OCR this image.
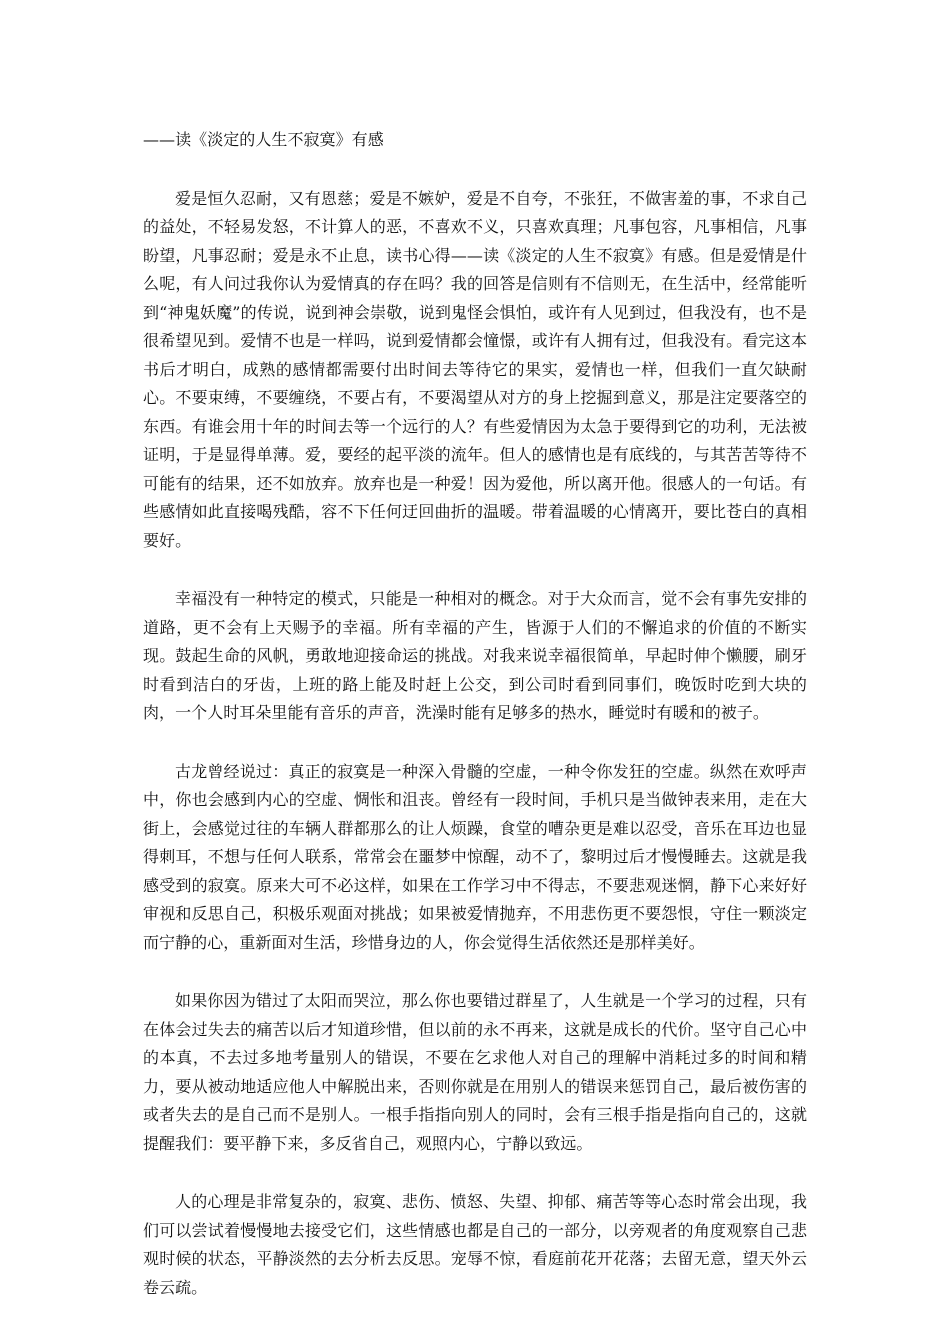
——读《淡定的人生不寂寞》有感

爱是恒久忍耐，又有恩慈；爱是不嫉妒，爱是不自夸，不张狂，不做害羞的事，不求自己的益处，不轻易发怒，不计算人的恶，不喜欢不义，只喜欢真理；凡事包容，凡事相信，凡事盼望，凡事忍耐；爱是永不止息，读书心得——读《淡定的人生不寂寞》有感。但是爱情是什么呢，有人问过我你认为爱情真的存在吗？我的回答是信则有不信则无，在生活中，经常能听到“神鬼妖魔”的传说，说到神会崇敬，说到鬼怪会惧怕，或许有人见到过，但我没有，也不是很希望见到。爱情不也是一样吗，说到爱情都会憧憬，或许有人拥有过，但我没有。看完这本书后才明白，成熟的感情都需要付出时间去等待它的果实，爱情也一样，但我们一直欠缺耐心。不要束缚，不要缠绕，不要占有，不要渴望从对方的身上挖掘到意义，那是注定要落空的东西。有谁会用十年的时间去等一个远行的人？有些爱情因为太急于要得到它的功利，无法被证明，于是显得单薄。爱，要经的起平淡的流年。但人的感情也是有底线的，与其苦苦等待不可能有的结果，还不如放弃。放弃也是一种爱！因为爱他，所以离开他。很感人的一句话。有些感情如此直接喝残酷，容不下任何迂回曲折的温暖。带着温暖的心情离开，要比苍白的真相要好。

幸福没有一种特定的模式，只能是一种相对的概念。对于大众而言，觉不会有事先安排的道路，更不会有上天赐予的幸福。所有幸福的产生，皆源于人们的不懈追求的价值的不断实现。鼓起生命的风帆，勇敢地迎接命运的挑战。对我来说幸福很简单，早起时伸个懒腰，刷牙时看到洁白的牙齿，上班的路上能及时赶上公交，到公司时看到同事们，晚饭时吃到大块的肉，一个人时耳朵里能有音乐的声音，洗澡时能有足够多的热水，睡觉时有暖和的被子。

古龙曾经说过：真正的寂寞是一种深入骨髓的空虚，一种令你发狂的空虚。纵然在欢呼声中，你也会感到内心的空虚、惆怅和沮丧。曾经有一段时间，手机只是当做钟表来用，走在大街上，会感觉过往的车辆人群都那么的让人烦躁，食堂的嘈杂更是难以忍受，音乐在耳边也显得刺耳，不想与任何人联系，常常会在噩梦中惊醒，动不了，黎明过后才慢慢睡去。这就是我感受到的寂寞。原来大可不必这样，如果在工作学习中不得志，不要悲观迷惘，静下心来好好审视和反思自己，积极乐观面对挑战；如果被爱情抛弃，不用悲伤更不要怨恨，守住一颗淡定而宁静的心，重新面对生活，珍惜身边的人，你会觉得生活依然还是那样美好。

如果你因为错过了太阳而哭泣，那么你也要错过群星了，人生就是一个学习的过程，只有在体会过失去的痛苦以后才知道珍惜，但以前的永不再来，这就是成长的代价。坚守自己心中的本真，不去过多地考量别人的错误，不要在乞求他人对自己的理解中消耗过多的时间和精力，要从被动地适应他人中解脱出来，否则你就是在用别人的错误来惩罚自己，最后被伤害的或者失去的是自己而不是别人。一根手指指向别人的同时，会有三根手指是指向自己的，这就提醒我们：要平静下来，多反省自己，观照内心，宁静以致远。

人的心理是非常复杂的，寂寞、悲伤、愤怒、失望、抑郁、痛苦等等心态时常会出现，我们可以尝试着慢慢地去接受它们，这些情感也都是自己的一部分，以旁观者的角度观察自己悲观时候的状态，平静淡然的去分析去反思。宠辱不惊，看庭前花开花落；去留无意，望天外云卷云疏。
